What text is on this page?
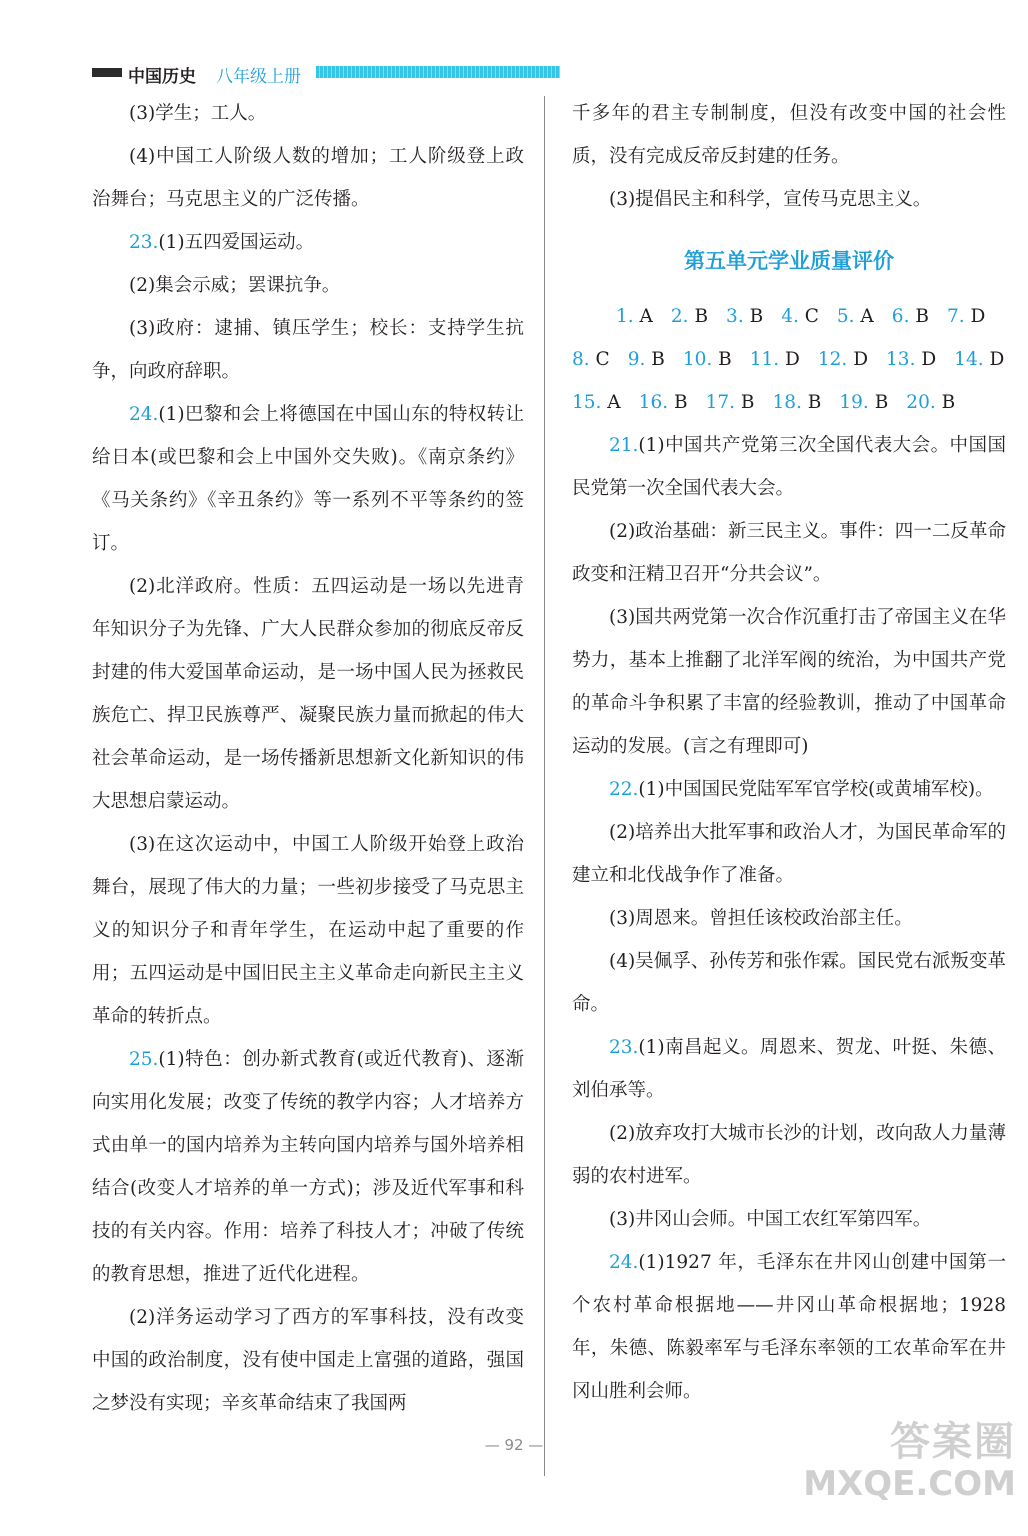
中国历史 八年级上册

(3)学生；工人。

(4)中国工人阶级人数的增加；工人阶级登上政治舞台；马克思主义的广泛传播。

23.(1)五四爱国运动。

(2)集会示威；罢课抗争。

(3)政府：逮捕、镇压学生；校长：支持学生抗争，向政府辞职。

24.(1)巴黎和会上将德国在中国山东的特权转让给日本(或巴黎和会上中国外交失败)。《南京条约》《马关条约》《辛丑条约》等一系列不平等条约的签订。

(2)北洋政府。性质：五四运动是一场以先进青年知识分子为先锋、广大人民群众参加的彻底反帝反封建的伟大爱国革命运动，是一场中国人民为拯救民族危亡、捍卫民族尊严、凝聚民族力量而掀起的伟大社会革命运动，是一场传播新思想新文化新知识的伟大思想启蒙运动。

(3)在这次运动中，中国工人阶级开始登上政治舞台，展现了伟大的力量；一些初步接受了马克思主义的知识分子和青年学生，在运动中起了重要的作用；五四运动是中国旧民主主义革命走向新民主主义革命的转折点。

25.(1)特色：创办新式教育(或近代教育)、逐渐向实用化发展；改变了传统的教学内容；人才培养方式由单一的国内培养为主转向国内培养与国外培养相结合(改变人才培养的单一方式)；涉及近代军事和科技的有关内容。作用：培养了科技人才；冲破了传统的教育思想，推进了近代化进程。

(2)洋务运动学习了西方的军事科技，没有改变中国的政治制度，没有使中国走上富强的道路，强国之梦没有实现；辛亥革命结束了我国两

千多年的君主专制制度，但没有改变中国的社会性质，没有完成反帝反封建的任务。

(3)提倡民主和科学，宣传马克思主义。

第五单元学业质量评价
1. A 2. B 3. B 4. C 5. A 6. B 7. D
8. C 9. B 10. B 11. D 12. D 13. D 14. D
15. A 16. B 17. B 18. B 19. B 20. B

21.(1)中国共产党第三次全国代表大会。中国国民党第一次全国代表大会。

(2)政治基础：新三民主义。事件：四一二反革命政变和汪精卫召开“分共会议”。

(3)国共两党第一次合作沉重打击了帝国主义在华势力，基本上推翻了北洋军阀的统治，为中国共产党的革命斗争积累了丰富的经验教训，推动了中国革命运动的发展。(言之有理即可)

22.(1)中国国民党陆军军官学校(或黄埔军校)。

(2)培养出大批军事和政治人才，为国民革命军的建立和北伐战争作了准备。

(3)周恩来。曾担任该校政治部主任。

(4)吴佩孚、孙传芳和张作霖。国民党右派叛变革命。

23.(1)南昌起义。周恩来、贺龙、叶挺、朱德、刘伯承等。

(2)放弃攻打大城市长沙的计划，改向敌人力量薄弱的农村进军。

(3)井冈山会师。中国工农红军第四军。

24.(1)1927 年，毛泽东在井冈山创建中国第一个农村革命根据地——井冈山革命根据地；1928 年，朱德、陈毅率军与毛泽东率领的工农革命军在井冈山胜利会师。

— 92 —	答案圈
MXQE.COM
